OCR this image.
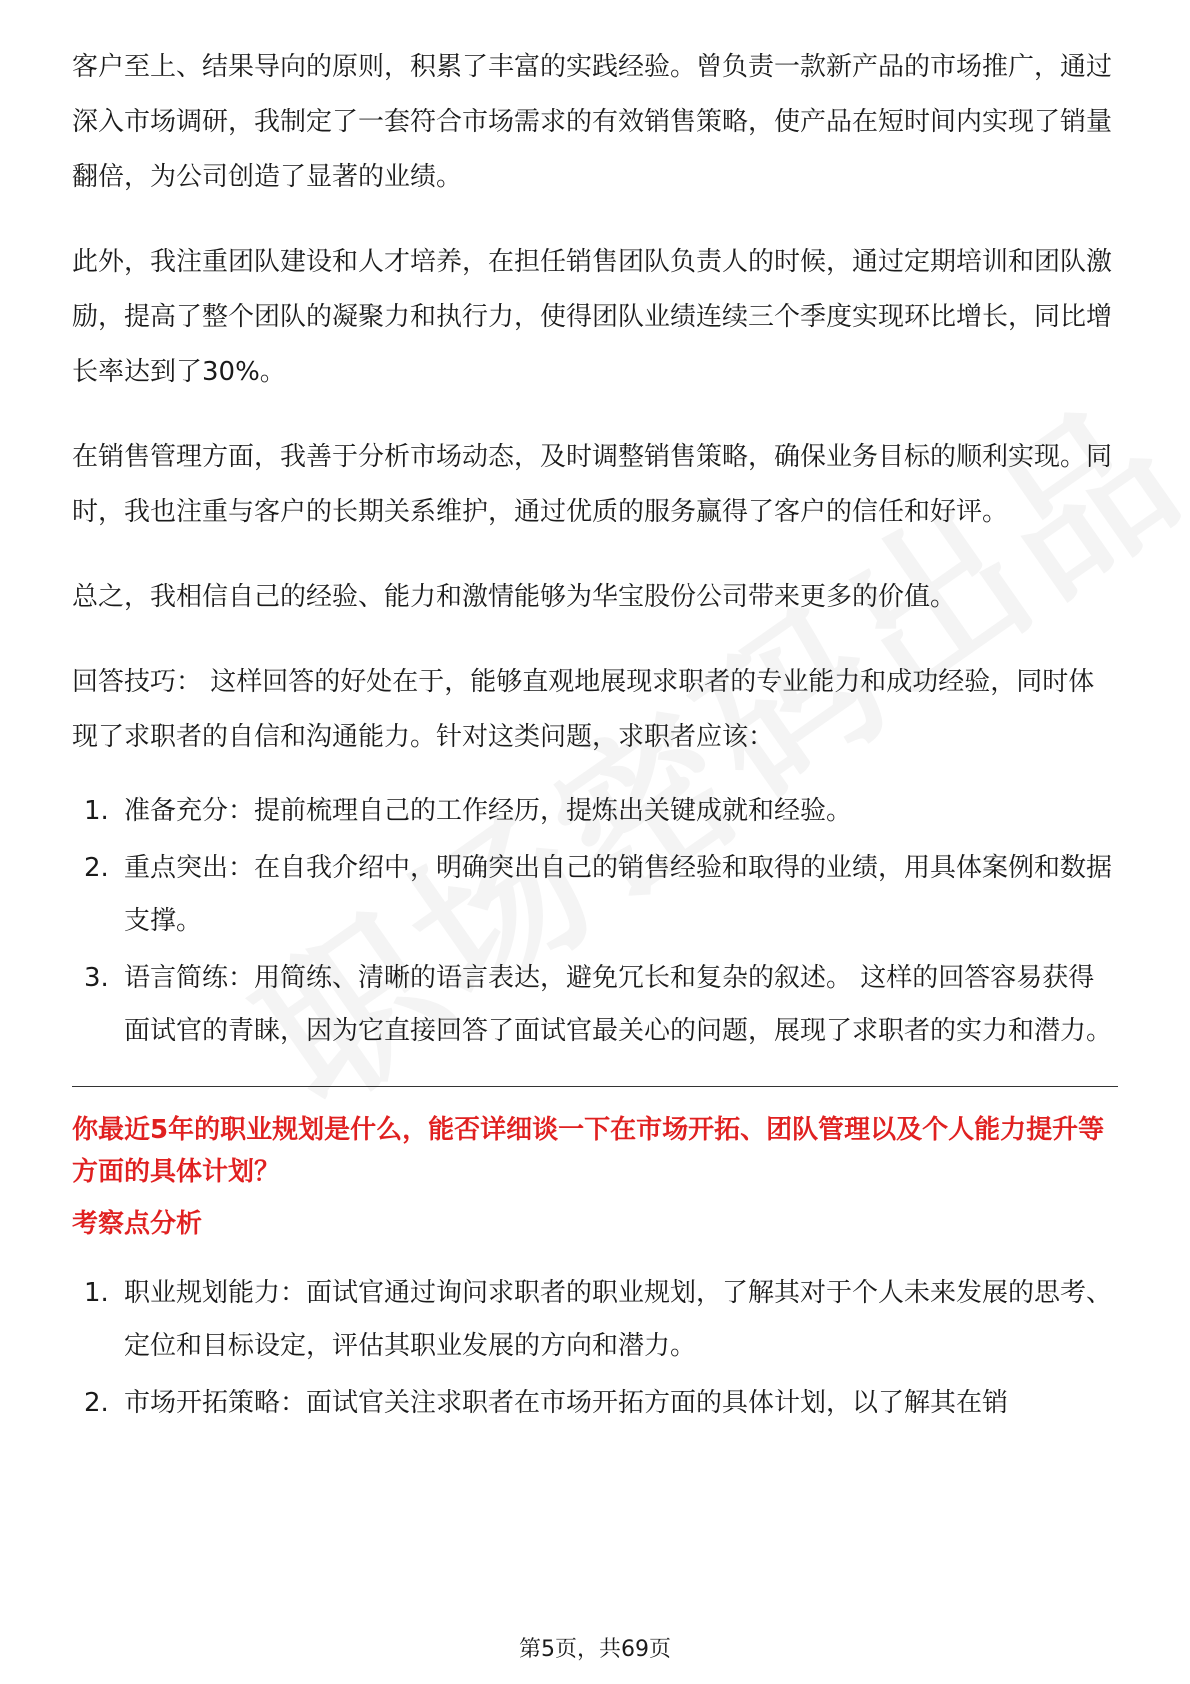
客户至上、结果导向的原则，积累了丰富的实践经验。曾负责一款新产品的市场推广，通过深入市场调研，我制定了一套符合市场需求的有效销售策略，使产品在短时间内实现了销量翻倍，为公司创造了显著的业绩。

此外，我注重团队建设和人才培养，在担任销售团队负责人的时候，通过定期培训和团队激励，提高了整个团队的凝聚力和执行力，使得团队业绩连续三个季度实现环比增长，同比增长率达到了30%。

在销售管理方面，我善于分析市场动态，及时调整销售策略，确保业务目标的顺利实现。同时，我也注重与客户的长期关系维护，通过优质的服务赢得了客户的信任和好评。

总之，我相信自己的经验、能力和激情能够为华宝股份公司带来更多的价值。

回答技巧： 这样回答的好处在于，能够直观地展现求职者的专业能力和成功经验，同时体现了求职者的自信和沟通能力。针对这类问题，求职者应该：

1. 准备充分：提前梳理自己的工作经历，提炼出关键成就和经验。
2. 重点突出：在自我介绍中，明确突出自己的销售经验和取得的业绩，用具体案例和数据支撑。
3. 语言简练：用简练、清晰的语言表达，避免冗长和复杂的叙述。 这样的回答容易获得面试官的青睐，因为它直接回答了面试官最关心的问题，展现了求职者的实力和潜力。
你最近5年的职业规划是什么，能否详细谈一下在市场开拓、团队管理以及个人能力提升等方面的具体计划？
考察点分析
1. 职业规划能力：面试官通过询问求职者的职业规划，了解其对于个人未来发展的思考、定位和目标设定，评估其职业发展的方向和潜力。
2. 市场开拓策略：面试官关注求职者在市场开拓方面的具体计划，以了解其在销
第5页，共69页
